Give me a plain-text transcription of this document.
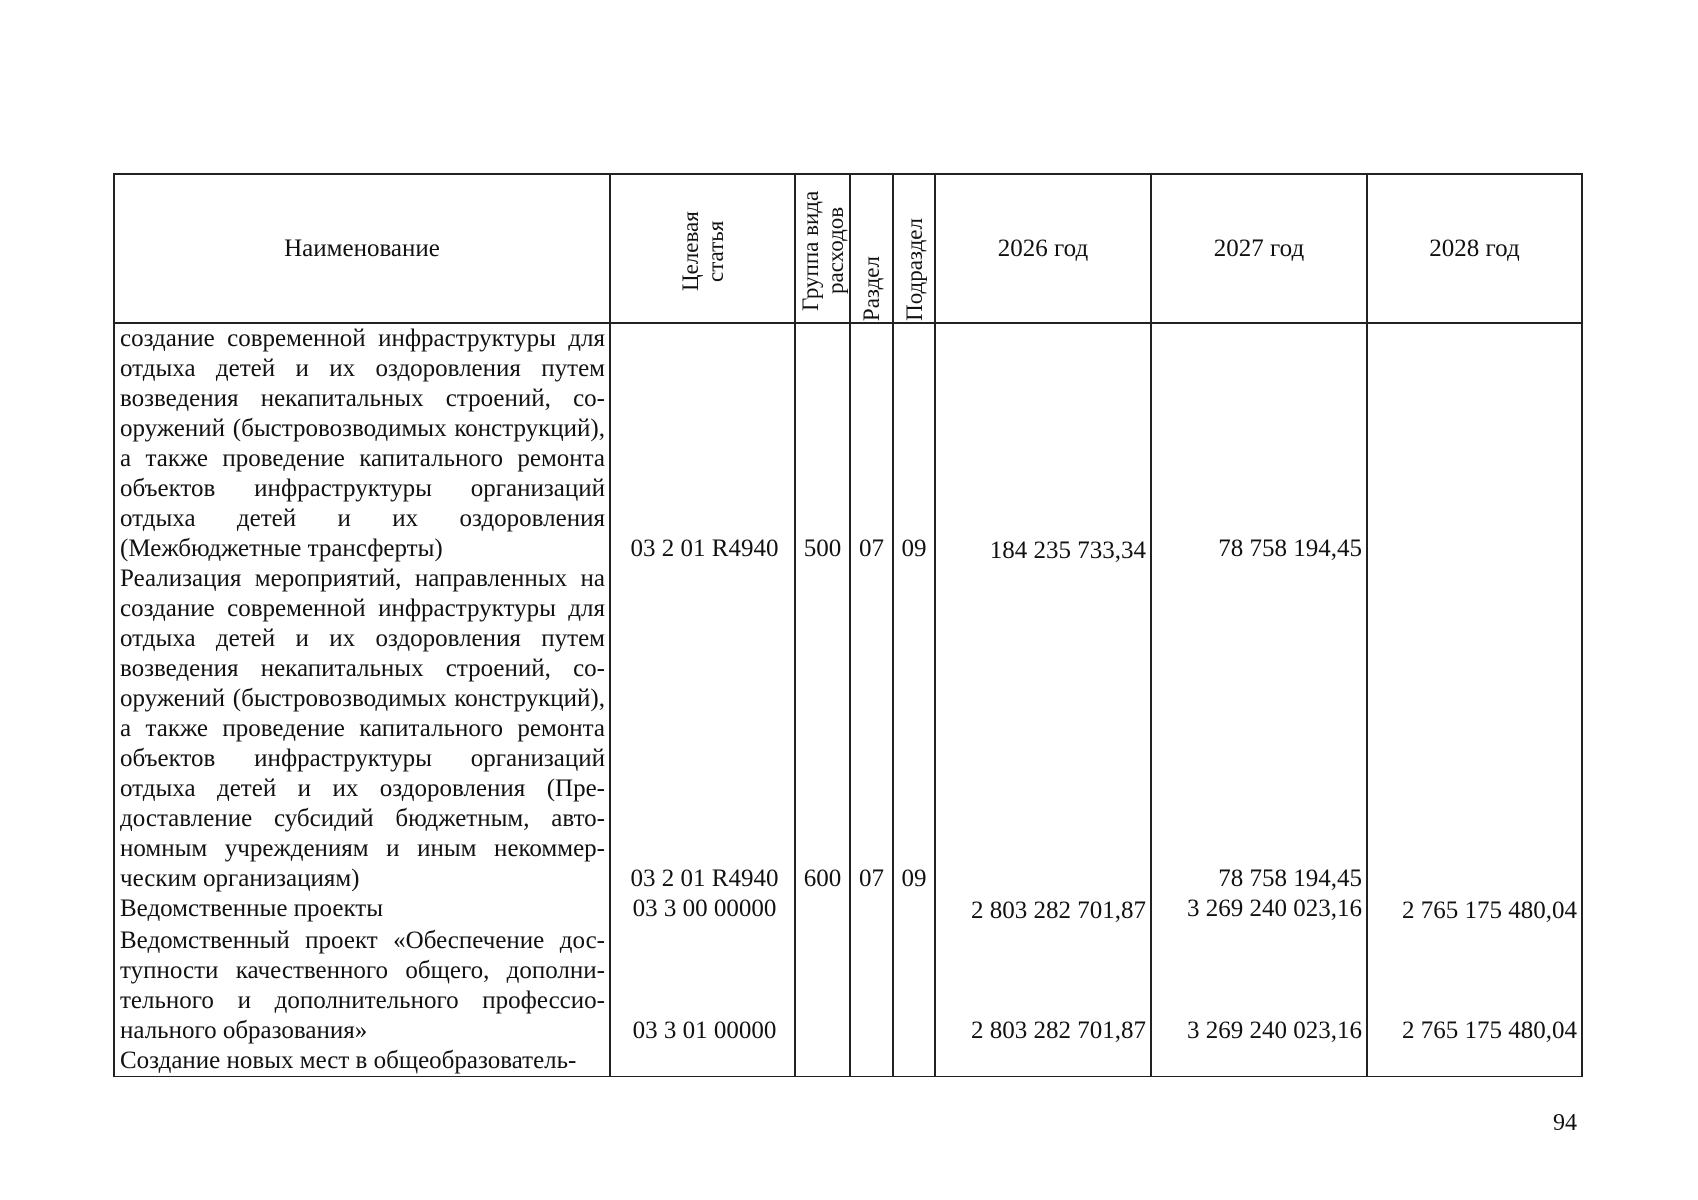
Наименование	Целевая статья	Группа вида расходов	Раздел	Подраздел	2026 год	2027 год	2028 год
создание современной инфраструктуры для отдыха детей и их оздоровления путем возведения некапитальных строений, сооружений (быстровозводимых конструкций), а также проведение капитального ремонта объектов инфраструктуры организаций отдыха детей и их оздоровления (Межбюджетные трансферты)	03 2 01 R4940	500	07	09	184 235 733,34	78 758 194,45	
Реализация мероприятий, направленных на создание современной инфраструктуры для отдыха детей и их оздоровления путем возведения некапитальных строений, сооружений (быстровозводимых конструкций), а также проведение капитального ремонта объектов инфраструктуры организаций отдыха детей и их оздоровления (Предоставление субсидий бюджетным, автономным учреждениям и иным некоммерческим организациям)	03 2 01 R4940	600	07	09		78 758 194,45	
Ведомственные проекты	03 3 00 00000				2 803 282 701,87	3 269 240 023,16	2 765 175 480,04
Ведомственный проект «Обеспечение доступности качественного общего, дополнительного и дополнительного профессионального образования»	03 3 01 00000				2 803 282 701,87	3 269 240 023,16	2 765 175 480,04
Создание новых мест в общеобразователь-							
94
